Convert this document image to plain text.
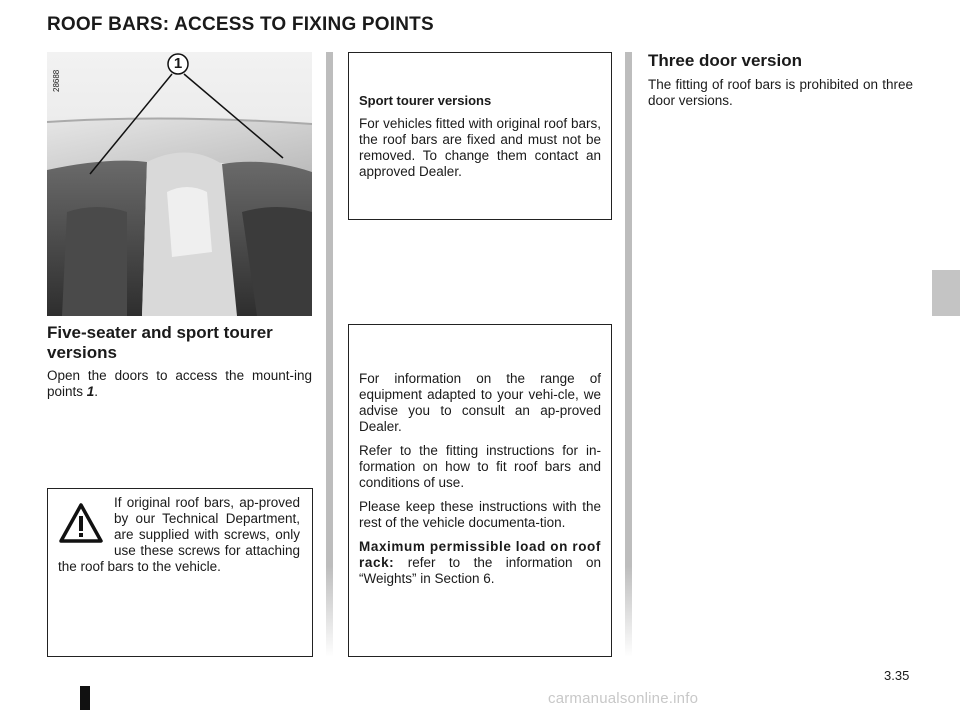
ROOF BARS: ACCESS TO FIXING POINTS
28688
1
Five-seater and sport tourer versions
Open the doors to access the mount-ing points 1.
If original roof bars, ap-proved by our Technical Department, are supplied with screws, only use these screws for attaching the roof bars to the vehicle.
Sport tourer versions
For vehicles fitted with original roof bars, the roof bars are fixed and must not be removed. To change them contact an approved Dealer.

For information on the range of equipment adapted to your vehi-cle, we advise you to consult an ap-proved Dealer.

Refer to the fitting instructions for in-formation on how to fit roof bars and conditions of use.

Please keep these instructions with the rest of the vehicle documenta-tion.

Maximum permissible load on roof rack: refer to the information on “Weights” in Section 6.

Three door version
The fitting of roof bars is prohibited on three door versions.
3.35
carmanualsonline.info
